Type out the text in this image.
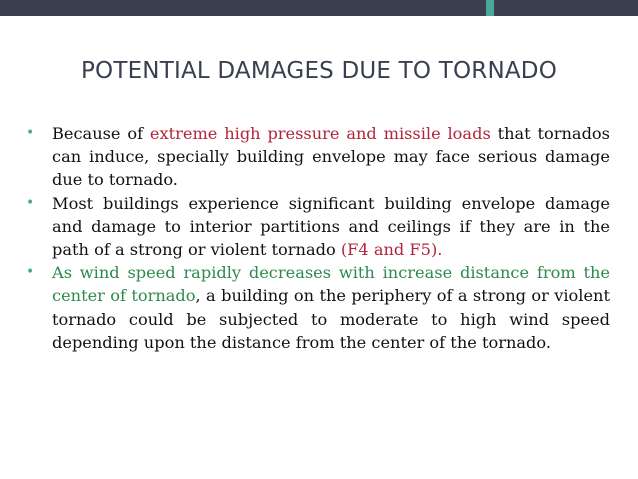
POTENTIAL DAMAGES DUE TO TORNADO
• Because of extreme high pressure and missile loads that tornados can induce, specially building envelope may face serious damage due to tornado.
• Most buildings experience significant building envelope damage and damage to interior partitions and ceilings if they are in the path of a strong or violent tornado (F4 and F5).
• As wind speed rapidly decreases with increase distance from the center of tornado, a building on the periphery of a strong or violent tornado could be subjected to moderate to high wind speed depending upon the distance from the center of the tornado.
